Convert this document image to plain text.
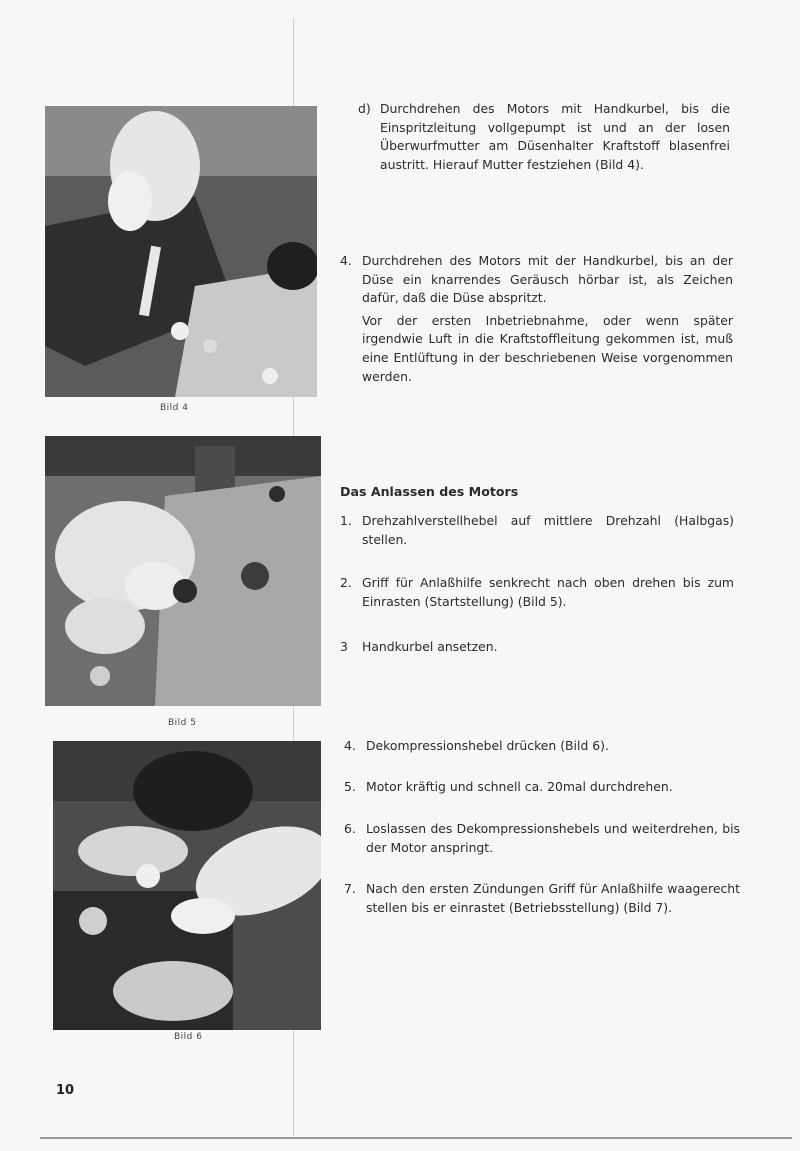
Bild 4
Bild 5
Bild 6
10
d) Durchdrehen des Motors mit Handkurbel, bis die Einspritzleitung vollgepumpt ist und an der losen Überwurfmutter am Düsenhalter Kraftstoff blasenfrei austritt. Hierauf Mutter festziehen (Bild 4).

4. Durchdrehen des Motors mit der Handkurbel, bis an der Düse ein knarrendes Geräusch hörbar ist, als Zeichen dafür, daß die Düse abspritzt.

Vor der ersten Inbetriebnahme, oder wenn später irgendwie Luft in die Kraftstoffleitung gekommen ist, muß eine Entlüftung in der beschriebenen Weise vorgenommen werden.

Das Anlassen des Motors
1. Drehzahlverstellhebel auf mittlere Drehzahl (Halbgas) stellen.

2. Griff für Anlaßhilfe senkrecht nach oben drehen bis zum Einrasten (Startstellung) (Bild 5).

3 Handkurbel ansetzen.

4. Dekompressionshebel drücken (Bild 6).

5. Motor kräftig und schnell ca. 20mal durchdrehen.

6. Loslassen des Dekompressionshebels und weiterdrehen, bis der Motor anspringt.

7. Nach den ersten Zündungen Griff für Anlaßhilfe waagerecht stellen bis er einrastet (Betriebsstellung) (Bild 7).
